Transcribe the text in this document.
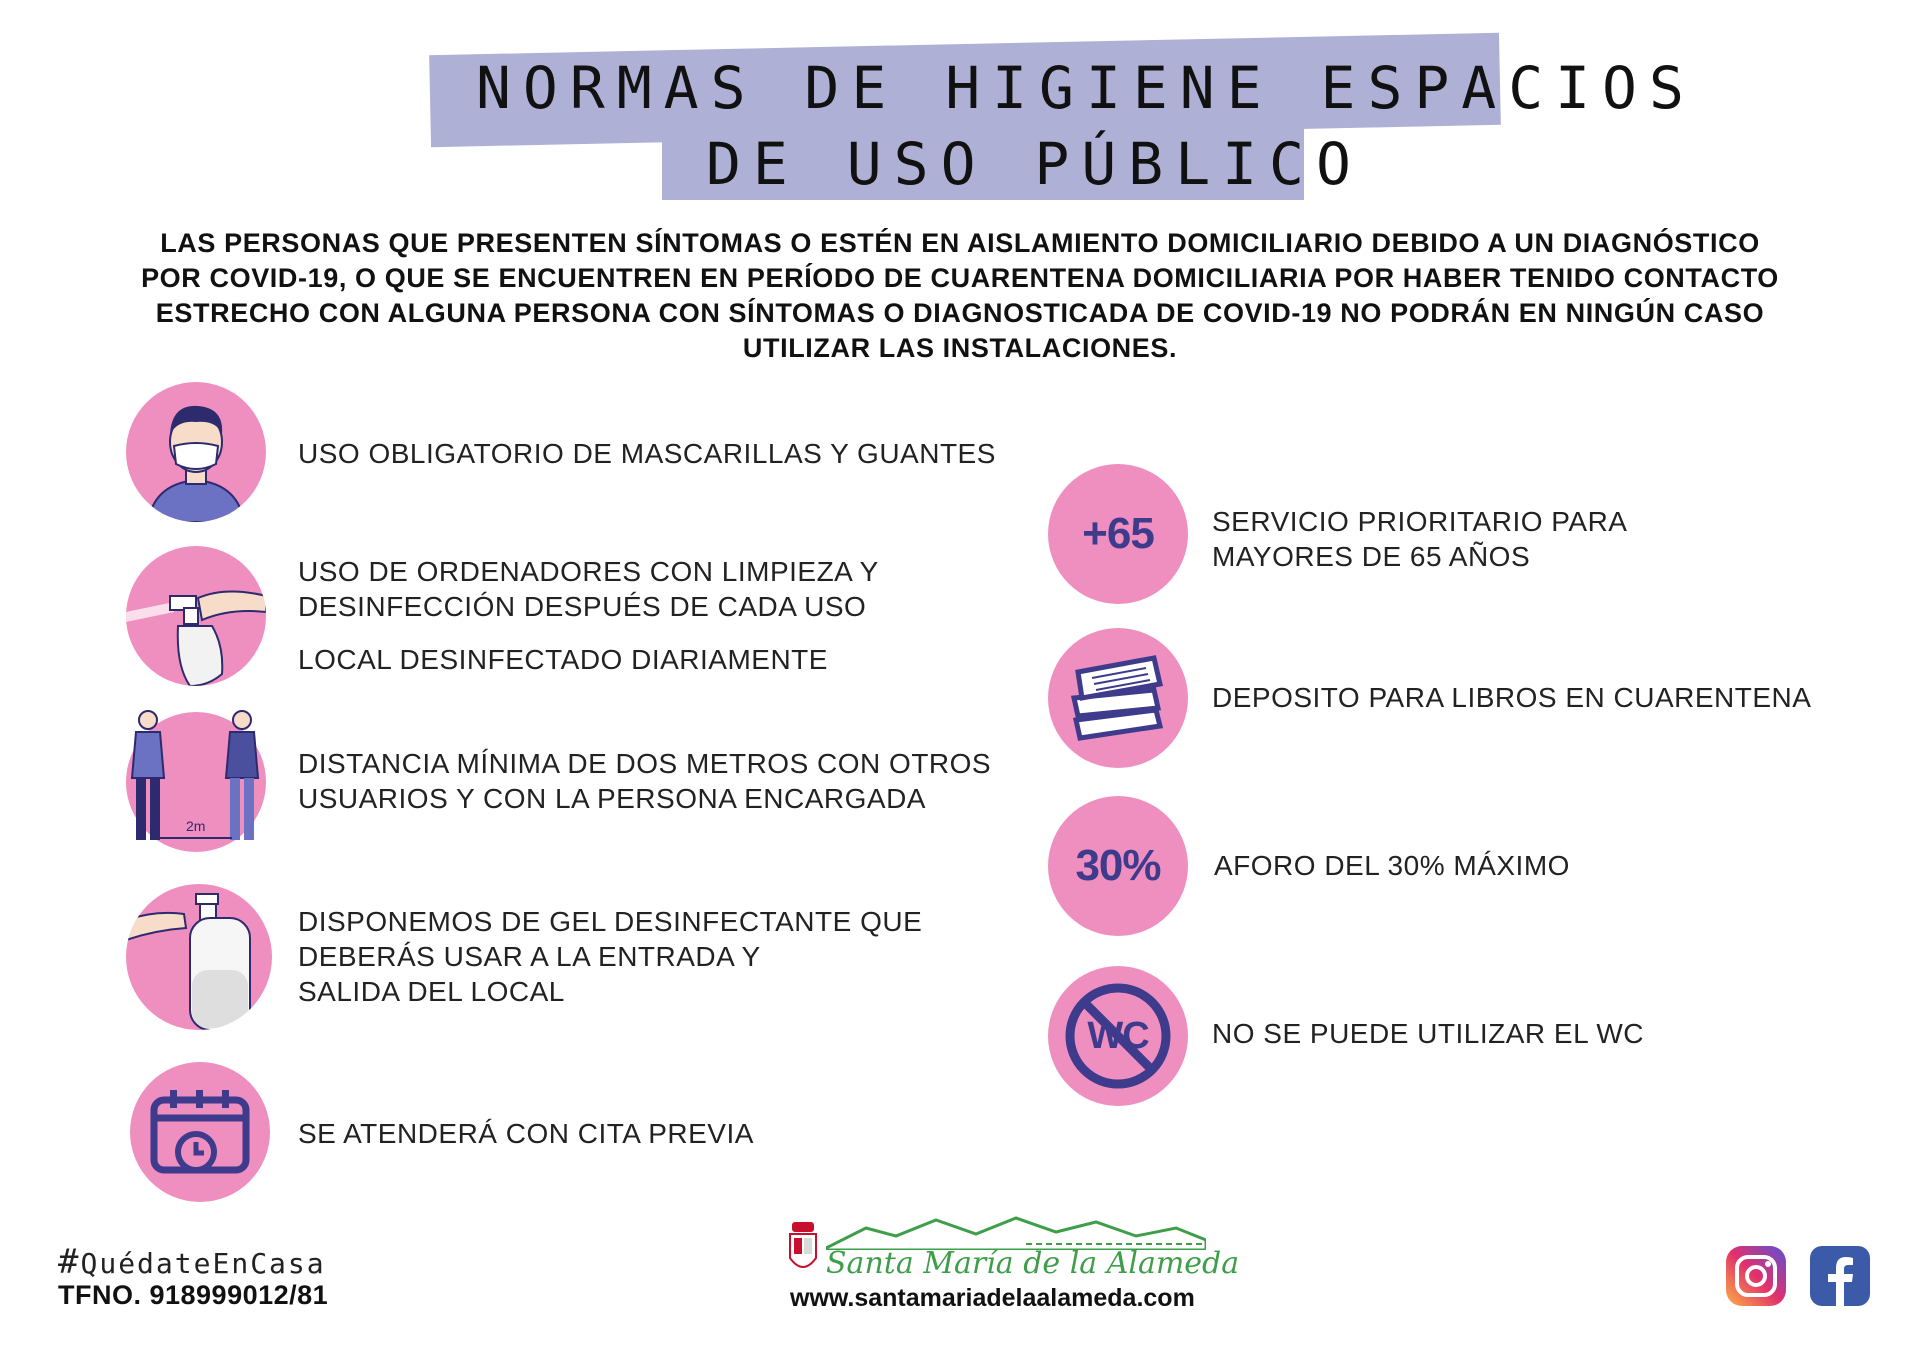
NORMAS DE HIGIENE ESPACIOS
DE USO PÚBLICO
LAS PERSONAS QUE PRESENTEN SÍNTOMAS O ESTÉN EN AISLAMIENTO DOMICILIARIO DEBIDO A UN DIAGNÓSTICO
POR COVID-19, O QUE SE ENCUENTREN EN PERÍODO DE CUARENTENA DOMICILIARIA POR HABER TENIDO CONTACTO
ESTRECHO CON ALGUNA PERSONA CON SÍNTOMAS O DIAGNOSTICADA DE COVID-19 NO PODRÁN EN NINGÚN CASO
UTILIZAR LAS INSTALACIONES.
USO OBLIGATORIO DE MASCARILLAS Y GUANTES
USO DE ORDENADORES CON LIMPIEZA Y
DESINFECCIÓN DESPUÉS DE CADA USO
LOCAL DESINFECTADO DIARIAMENTE
2m
DISTANCIA MÍNIMA DE DOS METROS CON OTROS
USUARIOS Y CON LA PERSONA ENCARGADA
DISPONEMOS DE GEL DESINFECTANTE QUE
DEBERÁS USAR A LA ENTRADA Y
SALIDA DEL LOCAL
SE ATENDERÁ CON CITA PREVIA
+65	SERVICIO PRIORITARIO PARA
MAYORES DE 65 AÑOS
DEPOSITO PARA LIBROS EN CUARENTENA
30%	AFORO DEL 30% MÁXIMO
WC	NO SE PUEDE UTILIZAR EL WC
#QuédateEnCasa
TFNO. 918999012/81
Santa María de la Alameda
www.santamariadelaalameda.com
